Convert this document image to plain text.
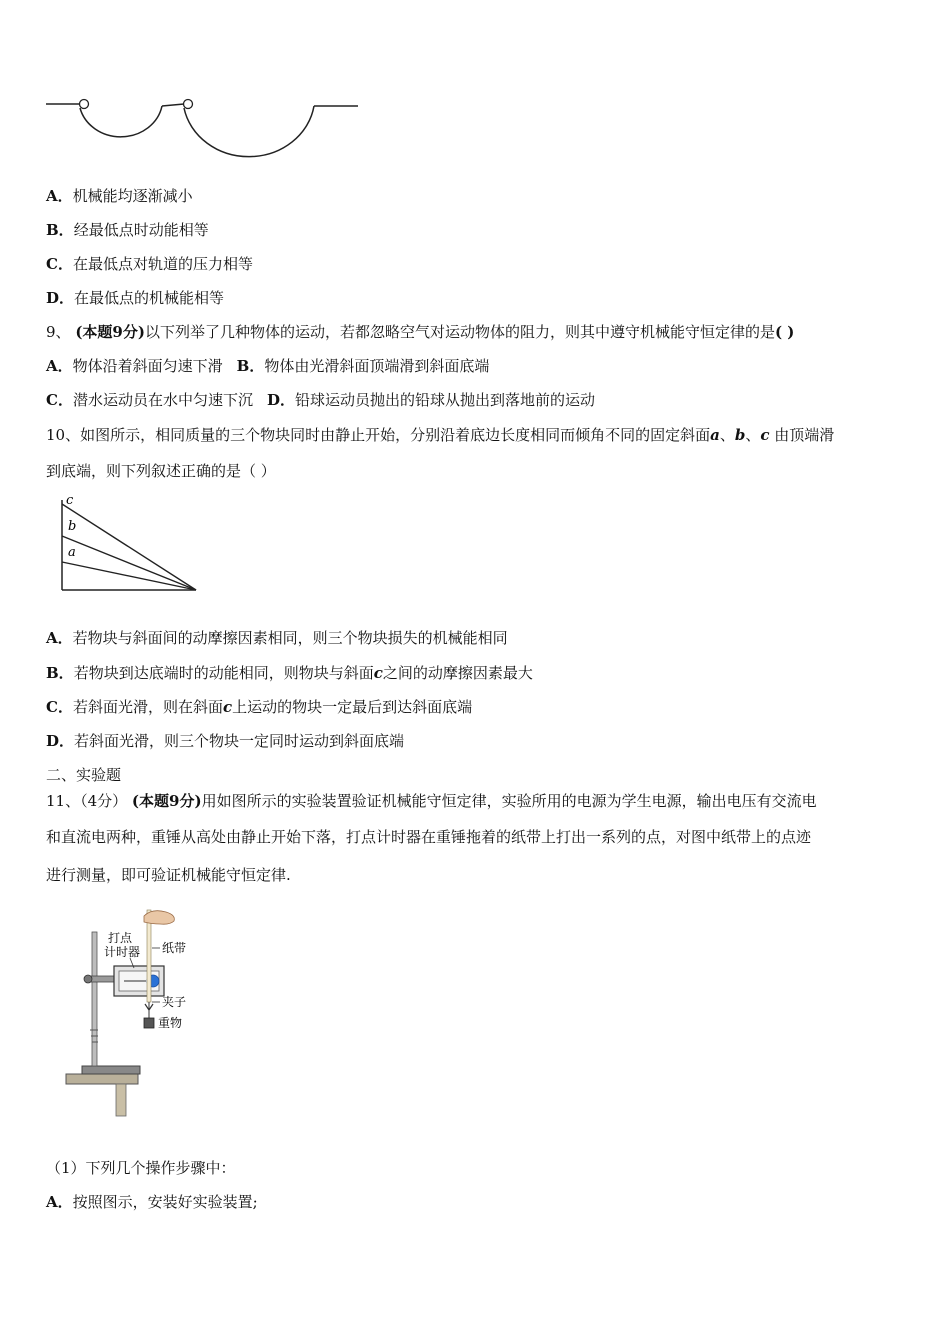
A．机械能均逐渐减小
B．经最低点时动能相等
C．在最低点对轨道的压力相等
D．在最低点的机械能相等
9、 (本题9分)以下列举了几种物体的运动，若都忽略空气对运动物体的阻力，则其中遵守机械能守恒定律的是( )
A．物体沿着斜面匀速下滑 B．物体由光滑斜面顶端滑到斜面底端
C．潜水运动员在水中匀速下沉 D．铅球运动员抛出的铅球从抛出到落地前的运动
10、如图所示，相同质量的三个物块同时由静止开始，分别沿着底边长度相同而倾角不同的固定斜面a、b、c 由顶端滑
到底端，则下列叙述正确的是（ ）
c
b
a
A．若物块与斜面间的动摩擦因素相同，则三个物块损失的机械能相同
B．若物块到达底端时的动能相同，则物块与斜面c之间的动摩擦因素最大
C．若斜面光滑，则在斜面c上运动的物块一定最后到达斜面底端
D．若斜面光滑，则三个物块一定同时运动到斜面底端
二、实验题
11、（4分） (本题9分)用如图所示的实验装置验证机械能守恒定律，实验所用的电源为学生电源，输出电压有交流电
和直流电两种，重锤从高处由静止开始下落，打点计时器在重锤拖着的纸带上打出一系列的点，对图中纸带上的点迹
进行测量，即可验证机械能守恒定律.
打点
计时器 纸带
夹子
重物
（1）下列几个操作步骤中：
A．按照图示，安装好实验装置;
